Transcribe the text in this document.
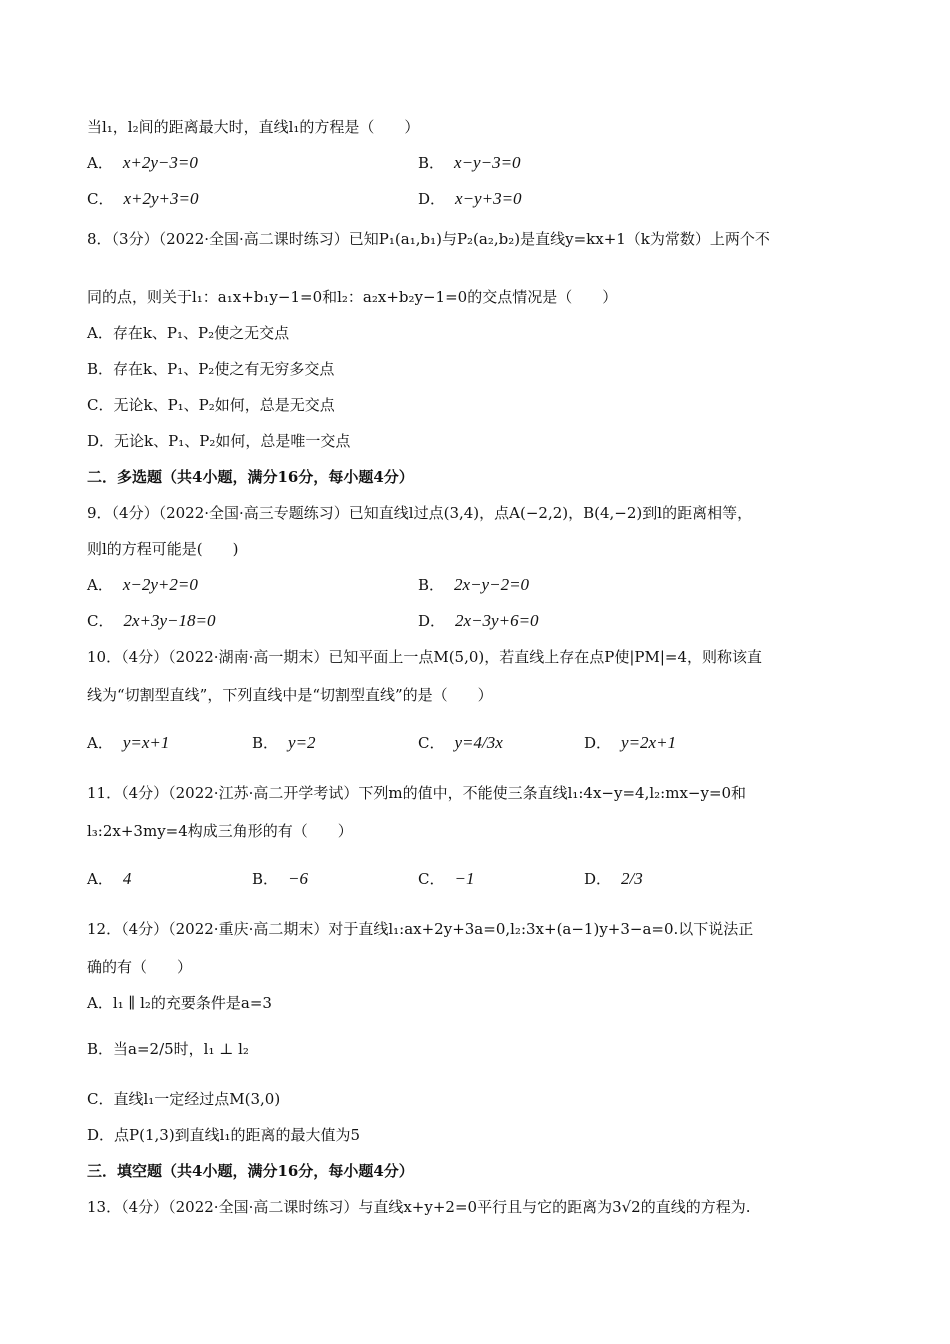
当l₁，l₂间的距离最大时，直线l₁的方程是（　　）
8．（3分）（2022·全国·高二课时练习）已知P₁(a₁,b₁)与P₂(a₂,b₂)是直线y=kx+1（k为常数）上两个不
同的点，则关于l₁：a₁x+b₁y−1=0和l₂：a₂x+b₂y−1=0的交点情况是（　　）
A．存在k、P₁、P₂使之无交点
B．存在k、P₁、P₂使之有无穷多交点
C．无论k、P₁、P₂如何，总是无交点
D．无论k、P₁、P₂如何，总是唯一交点
二．多选题（共4小题，满分16分，每小题4分）
9．（4分）（2022·全国·高三专题练习）已知直线l过点(3,4)，点A(−2,2)，B(4,−2)到l的距离相等，
则l的方程可能是(　　)
10．（4分）（2022·湖南·高一期末）已知平面上一点M(5,0)，若直线上存在点P使|PM|=4，则称该直
线为“切割型直线”，下列直线中是“切割型直线”的是（　　）
11．（4分）（2022·江苏·高二开学考试）下列m的值中，不能使三条直线l₁:4x−y=4,l₂:mx−y=0和
l₃:2x+3my=4构成三角形的有（　　）
12．（4分）（2022·重庆·高二期末）对于直线l₁:ax+2y+3a=0,l₂:3x+(a−1)y+3−a=0.以下说法正
确的有（　　）
A．l₁ ∥ l₂的充要条件是a=3
B．当a=2/5时，l₁ ⊥ l₂
C．直线l₁一定经过点M(3,0)
D．点P(1,3)到直线l₁的距离的最大值为5
三．填空题（共4小题，满分16分，每小题4分）
13．（4分）（2022·全国·高二课时练习）与直线x+y+2=0平行且与它的距离为3√2的直线的方程为.
A． x+2y−3=0	B． x−y−3=0
C． x+2y+3=0	D． x−y+3=0
A． x−2y+2=0	B． 2x−y−2=0
C． 2x+3y−18=0	D． 2x−3y+6=0
A． y=x+1	B． y=2	C． y=4/3x	D． y=2x+1
A． 4	B． −6	C． −1	D． 2/3
